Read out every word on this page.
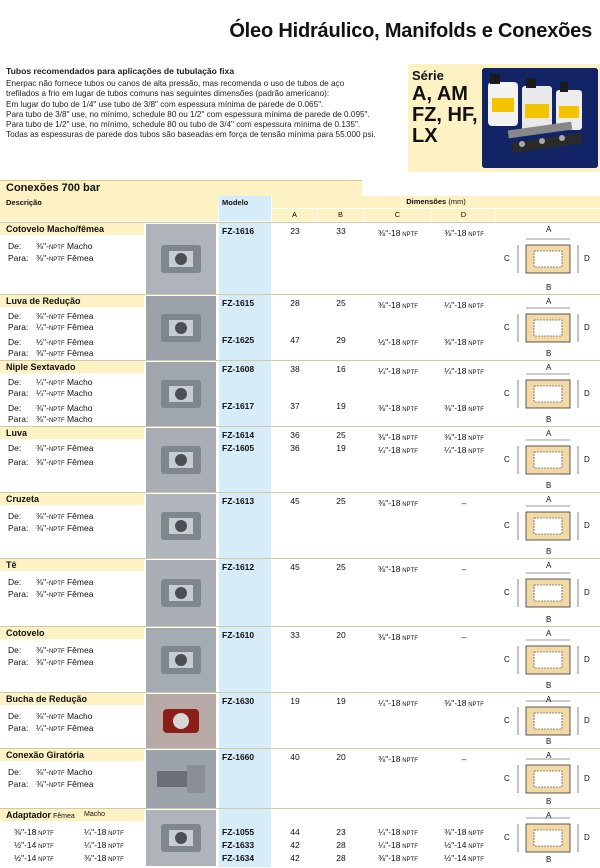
Óleo Hidráulico, Manifolds e Conexões
Tubos recomendados para aplicações de tubulação fixa
Enerpac não fornece tubos ou canos de alta pressão, mas recomenda o uso de tubos de aço
trefilados a frio em lugar de tubos comuns nas seguintes dimensões (padrão americano):
Em lugar do tubo de 1/4" use tubo de 3/8" com espessura mínima de parede de 0.065".
Para tubo de 3/8" use, no mínimo, schedule 80 ou 1/2" com espessura mínima de parede de 0.095".
Para tubo de 1/2" use, no mínimo, schedule 80 ou tubo de 3/4" com espessura mínima de 0.135".
Todas as espessuras de parede dos tubos são baseadas em força de tensão mínima para 55.000 psi.
Série
A, AM
FZ, HF,
LX
Conexões 700 bar
Descrição	Modelo	Dimensões (mm)
A	B	C	D
Cotovelo Macho/fêmea
De: ⅜"-NPTF Macho
Para: ⅜"-NPTF Fêmea
FZ-1616	23	33	⅜"-18 NPTF	⅜"-18 NPTF
A
B
C	D
Luva de Redução
De: ⅜"-NPTF Fêmea
Para: ¼"-NPTF Fêmea
De: ½"-NPTF Fêmea
Para: ⅜"-NPTF Fêmea
FZ-1615	28	25	⅜"-18 NPTF	¼"-18 NPTF
FZ-1625	47	29	½"-18 NPTF	⅜"-18 NPTF
A
B
C	D
Niple Sextavado
De: ¼"-NPTF Macho
Para: ¼"-NPTF Macho
De: ⅜"-NPTF Macho
Para: ⅜"-NPTF Macho
FZ-1608	38	16	¼"-18 NPTF	¼"-18 NPTF
FZ-1617	37	19	⅜"-18 NPTF	⅜"-18 NPTF
A
B
C	D
Luva
De: ⅜"-NPTF Fêmea
Para: ⅜"-NPTF Fêmea
FZ-1614	36	25	⅜"-18 NPTF	⅜"-18 NPTF
FZ-1605	36	19	¼"-18 NPTF	¼"-18 NPTF
A
B
C	D
Cruzeta
De: ⅜"-NPTF Fêmea
Para: ⅜"-NPTF Fêmea
FZ-1613	45	25	⅜"-18 NPTF	–	A
B
C	D
Tê
De: ⅜"-NPTF Fêmea
Para: ⅜"-NPTF Fêmea
FZ-1612	45	25	⅜"-18 NPTF	–	A
B
C	D
Cotovelo
De: ⅜"-NPTF Fêmea
Para: ⅜"-NPTF Fêmea
FZ-1610	33	20	⅜"-18 NPTF	–	A
B
C	D
Bucha de Redução
De: ⅜"-NPTF Macho
Para: ¼"-NPTF Fêmea
FZ-1630	19	19	¼"-18 NPTF	⅜"-18 NPTF
A
B
C	D
Conexão Giratória
De: ⅜"-NPTF Macho
Para: ⅜"-NPTF Fêmea
FZ-1660	40	20	⅜"-18 NPTF	–	A
B
C	D
Adaptador Fêmea Macho
⅜"-18 NPTF	¼"-18 NPTF	FZ-1055	44	23	¼"-18 NPTF	⅜"-18 NPTF
½"-14 NPTF	¼"-18 NPTF	FZ-1633	42	28	¼"-18 NPTF	½"-14 NPTF
½"-14 NPTF	⅜"-18 NPTF	FZ-1634	42	28	⅜"-18 NPTF	½"-14 NPTF
A
B
C	D
